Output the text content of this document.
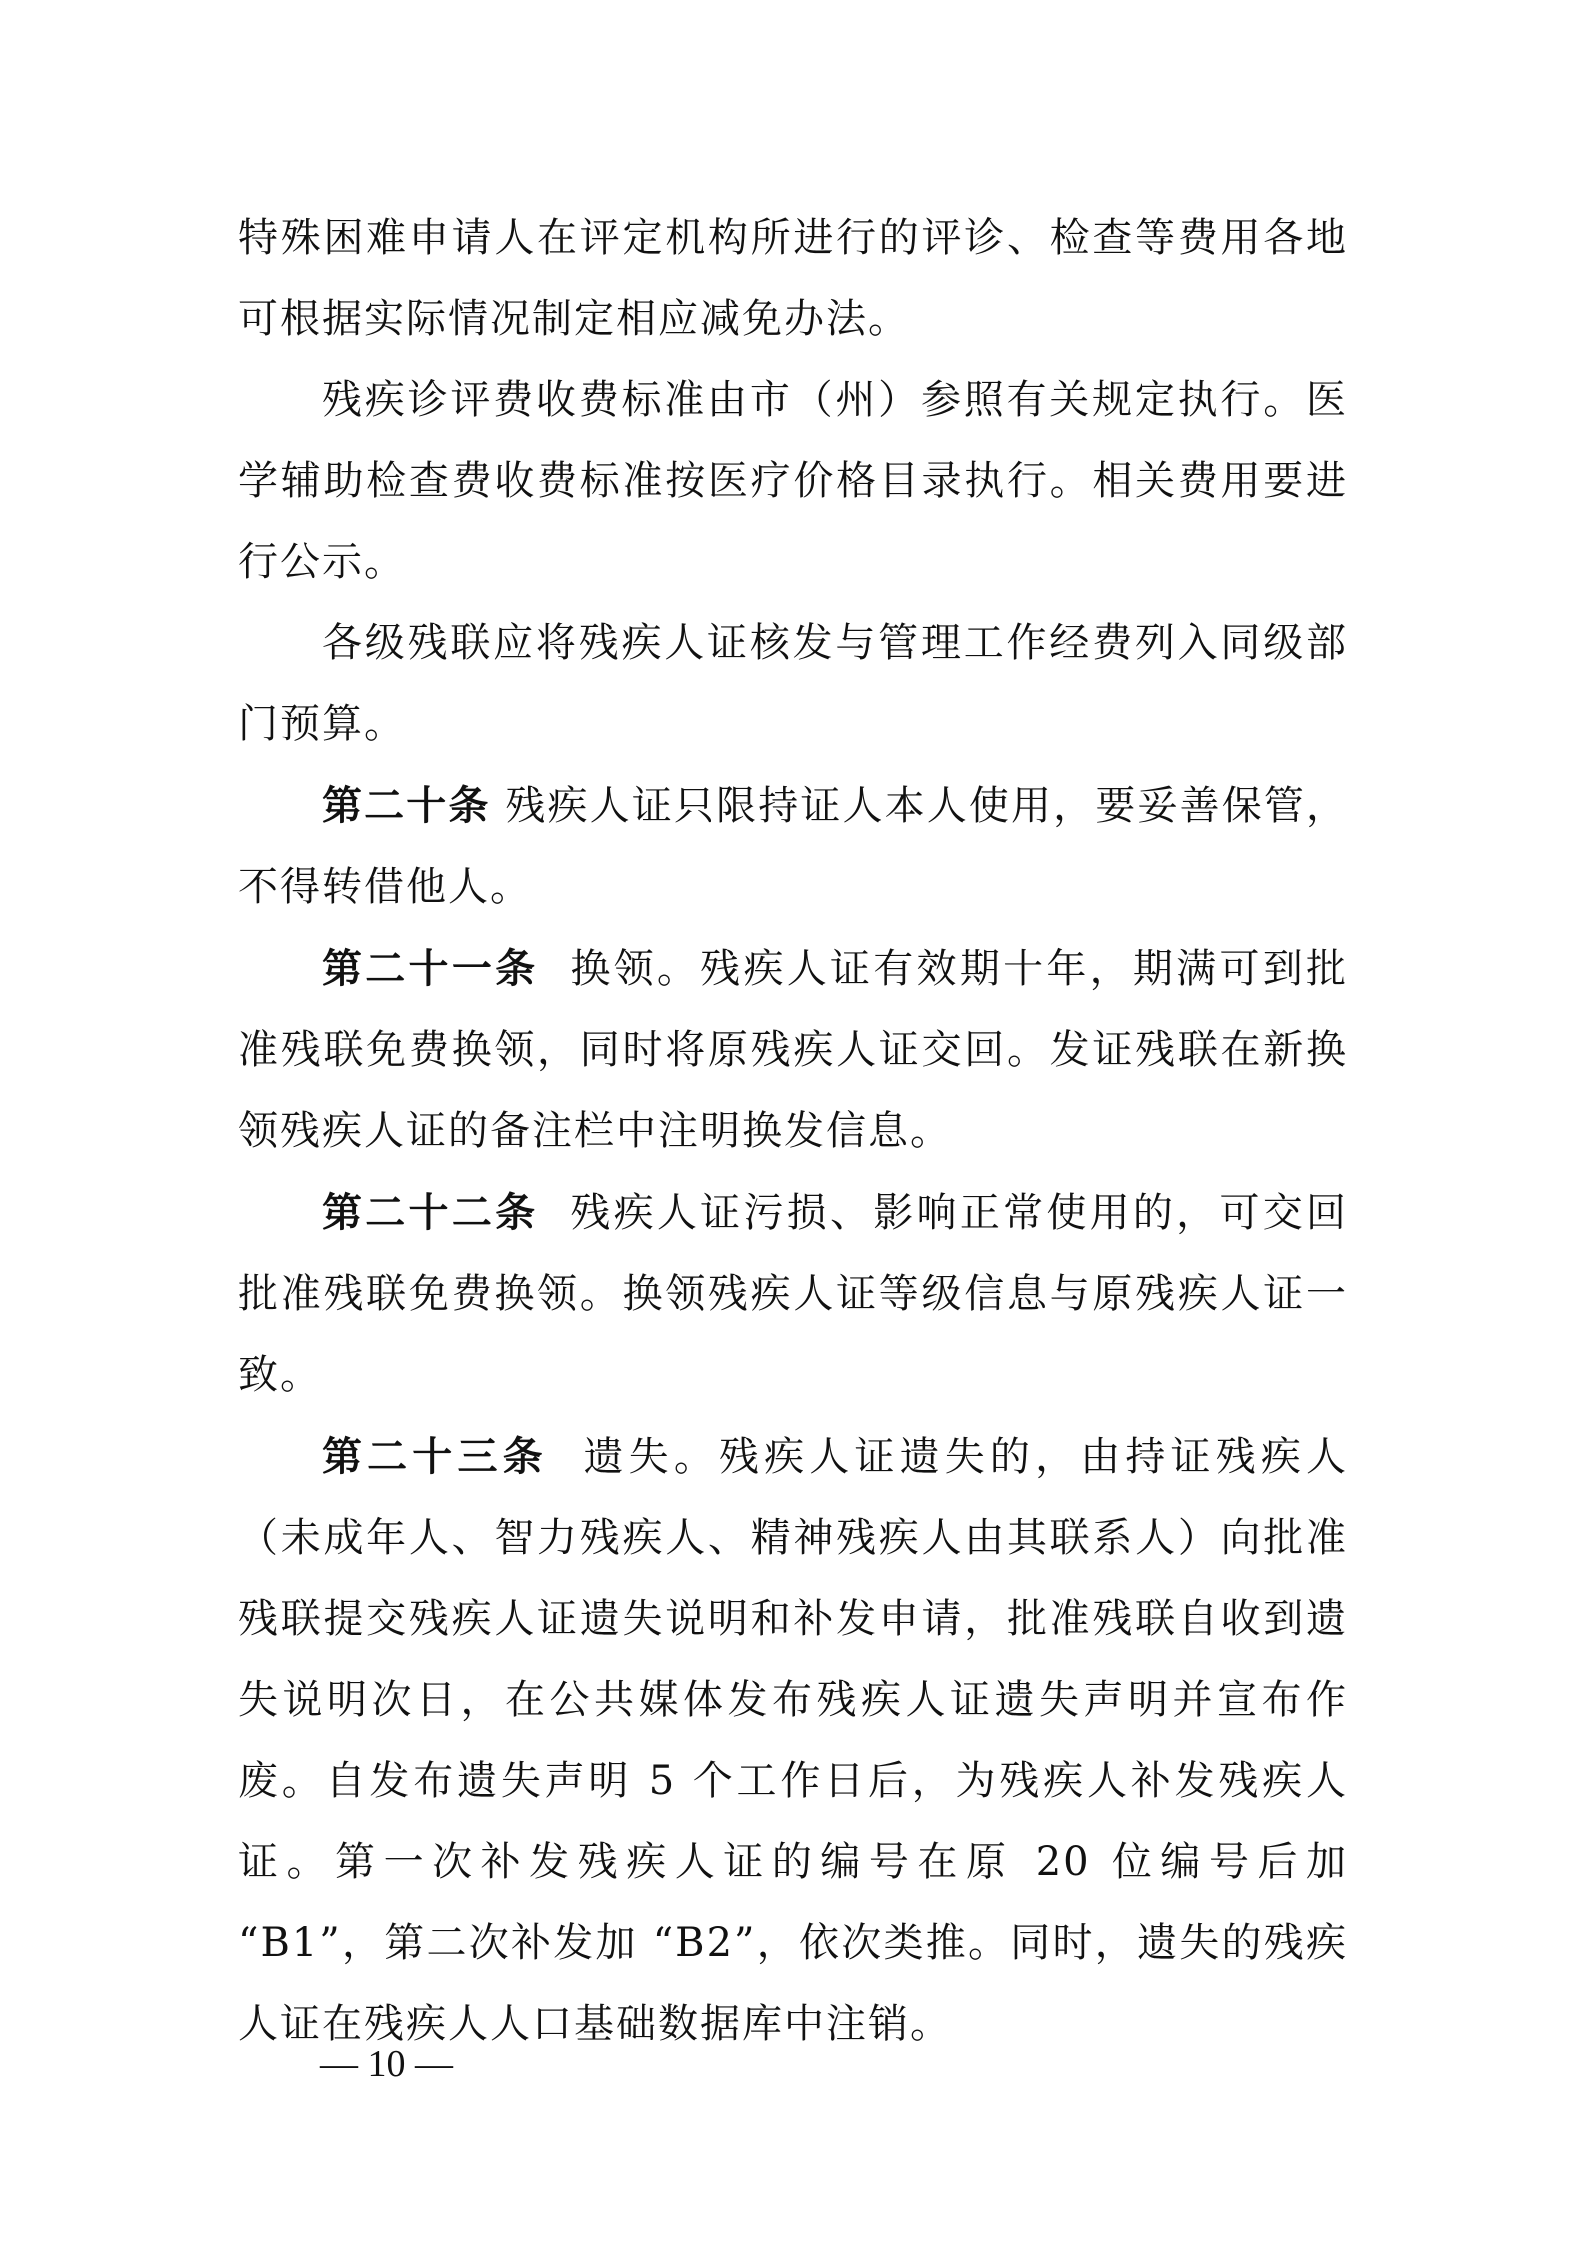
特殊困难申请人在评定机构所进行的评诊、检查等费用各地可根据实际情况制定相应减免办法。

残疾诊评费收费标准由市（州）参照有关规定执行。医学辅助检查费收费标准按医疗价格目录执行。相关费用要进行公示。

各级残联应将残疾人证核发与管理工作经费列入同级部门预算。

第二十条 残疾人证只限持证人本人使用，要妥善保管，不得转借他人。

第二十一条 换领。残疾人证有效期十年，期满可到批准残联免费换领，同时将原残疾人证交回。发证残联在新换领残疾人证的备注栏中注明换发信息。

第二十二条 残疾人证污损、影响正常使用的，可交回批准残联免费换领。换领残疾人证等级信息与原残疾人证一致。

第二十三条 遗失。残疾人证遗失的，由持证残疾人（未成年人、智力残疾人、精神残疾人由其联系人）向批准残联提交残疾人证遗失说明和补发申请，批准残联自收到遗失说明次日，在公共媒体发布残疾人证遗失声明并宣布作废。自发布遗失声明 5 个工作日后，为残疾人补发残疾人证。第一次补发残疾人证的编号在原 20 位编号后加 “B1”，第二次补发加 “B2”，依次类推。同时，遗失的残疾人证在残疾人人口基础数据库中注销。

— 10 —
